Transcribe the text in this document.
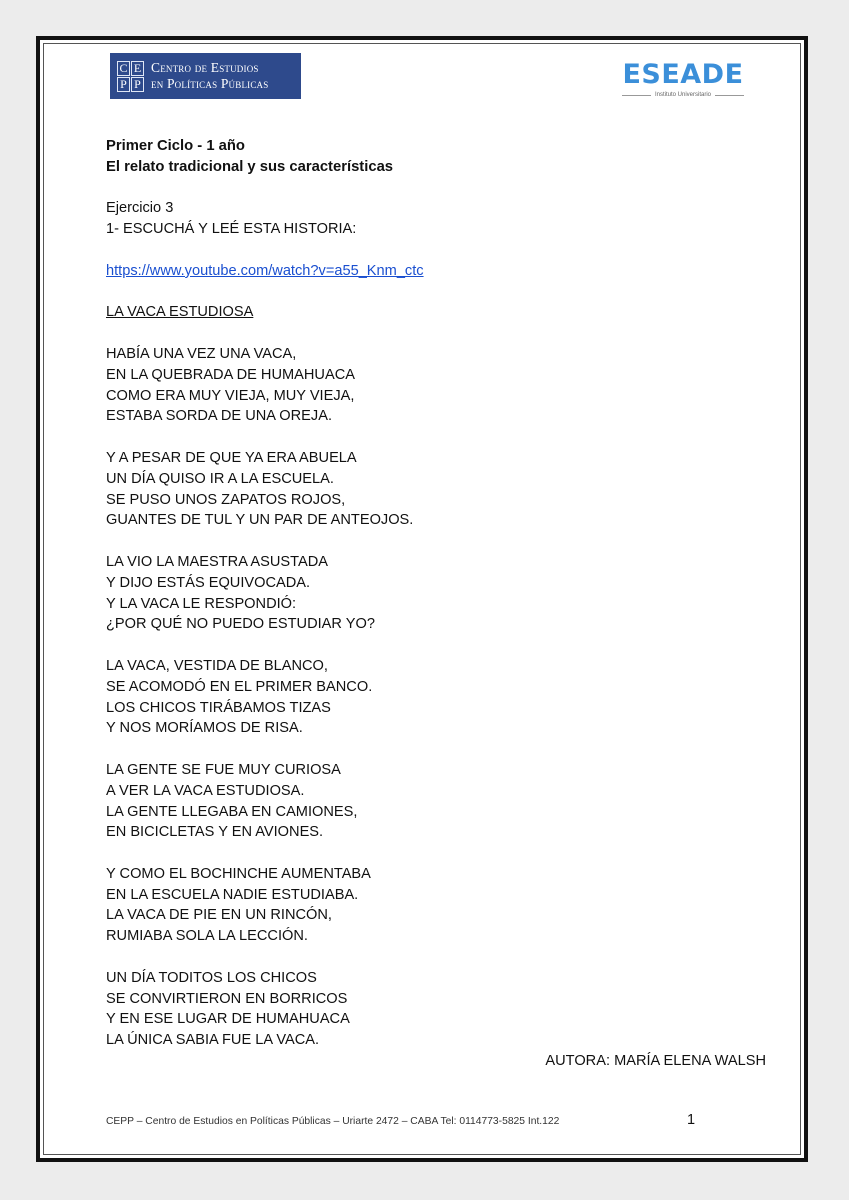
C E
P P
Centro de Estudios
en Políticas Públicas	ESEADE
Instituto Universitario

Primer Ciclo - 1 año

El relato tradicional y sus características

Ejercicio 3

1- ESCUCHÁ Y LEÉ ESTA HISTORIA:

https://www.youtube.com/watch?v=a55_Knm_ctc

LA VACA ESTUDIOSA

HABÍA UNA VEZ UNA VACA,

EN LA QUEBRADA DE HUMAHUACA

COMO ERA MUY VIEJA, MUY VIEJA,

ESTABA SORDA DE UNA OREJA.

Y A PESAR DE QUE YA ERA ABUELA

UN DÍA QUISO IR A LA ESCUELA.

SE PUSO UNOS ZAPATOS ROJOS,

GUANTES DE TUL Y UN PAR DE ANTEOJOS.

LA VIO LA MAESTRA ASUSTADA

Y DIJO ESTÁS EQUIVOCADA.

Y LA VACA LE RESPONDIÓ:

¿POR QUÉ NO PUEDO ESTUDIAR YO?

LA VACA, VESTIDA DE BLANCO,

SE ACOMODÓ EN EL PRIMER BANCO.

LOS CHICOS TIRÁBAMOS TIZAS

Y NOS MORÍAMOS DE RISA.

LA GENTE SE FUE MUY CURIOSA

A VER LA VACA ESTUDIOSA.

LA GENTE LLEGABA EN CAMIONES,

EN BICICLETAS Y EN AVIONES.

Y COMO EL BOCHINCHE AUMENTABA

EN LA ESCUELA NADIE ESTUDIABA.

LA VACA DE PIE EN UN RINCÓN,

RUMIABA SOLA LA LECCIÓN.

UN DÍA TODITOS LOS CHICOS

SE CONVIRTIERON EN BORRICOS

Y EN ESE LUGAR DE HUMAHUACA

LA ÚNICA SABIA FUE LA VACA.

AUTORA: MARÍA ELENA WALSH

CEPP – Centro de Estudios en Políticas Públicas – Uriarte 2472 – CABA Tel: 0114773-5825 Int.122	1
